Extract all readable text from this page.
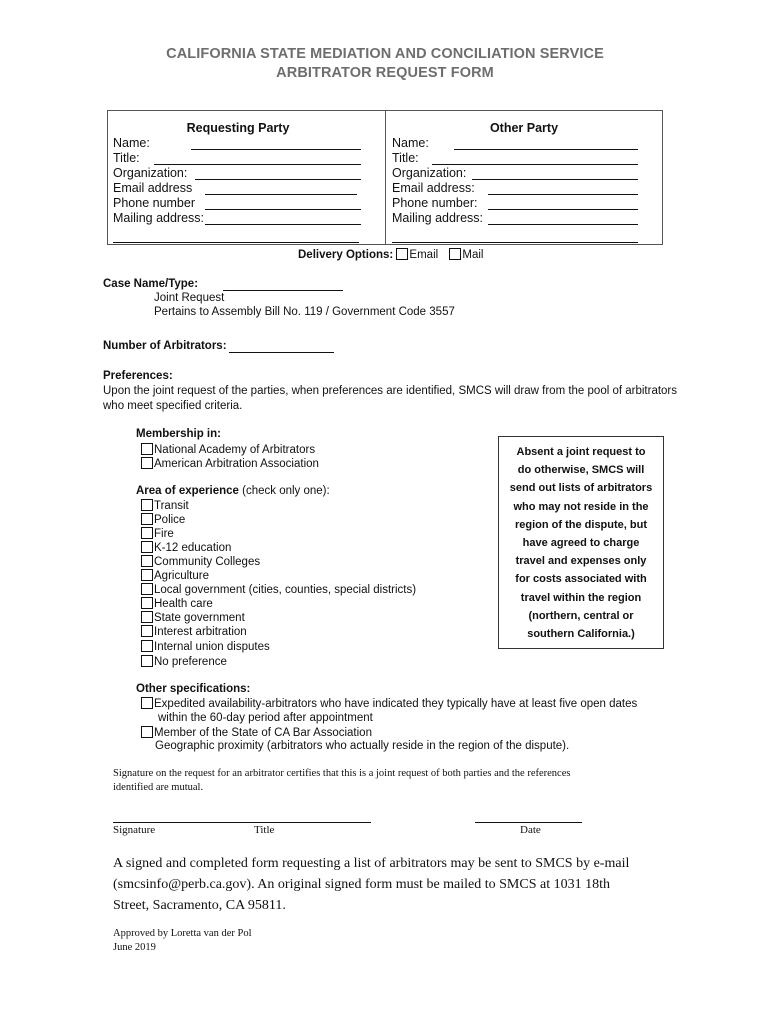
CALIFORNIA STATE MEDIATION AND CONCILIATION SERVICE
ARBITRATOR REQUEST FORM
Requesting Party
Name:
Title:
Organization:
Email address
Phone number
Mailing address:
Other Party
Name:
Title:
Organization:
Email address:
Phone number:
Mailing address:
Delivery Options: Email Mail
Case Name/Type:
Joint Request
Pertains to Assembly Bill No. 119 / Government Code 3557
Number of Arbitrators:
Preferences:
Upon the joint request of the parties, when preferences are identified, SMCS will draw from the pool of arbitrators
who meet specified criteria.
Membership in:
National Academy of Arbitrators
American Arbitration Association
Area of experience (check only one):
Transit
Police
Fire
K-12 education
Community Colleges
Agriculture
Local government (cities, counties, special districts)
Health care
State government
Interest arbitration
Internal union disputes
No preference
Absent a joint request to
do otherwise, SMCS will
send out lists of arbitrators
who may not reside in the
region of the dispute, but
have agreed to charge
travel and expenses only
for costs associated with
travel within the region
(northern, central or
southern California.)
Other specifications:
Expedited availability-arbitrators who have indicated they typically have at least five open dates
within the 60-day period after appointment
Member of the State of CA Bar Association
Geographic proximity (arbitrators who actually reside in the region of the dispute).
Signature on the request for an arbitrator certifies that this is a joint request of both parties and the references
identified are mutual.
Signature	Title	Date
A signed and completed form requesting a list of arbitrators may be sent to SMCS by e-mail
(smcsinfo@perb.ca.gov). An original signed form must be mailed to SMCS at 1031 18th
Street, Sacramento, CA 95811.
Approved by Loretta van der Pol
June 2019
